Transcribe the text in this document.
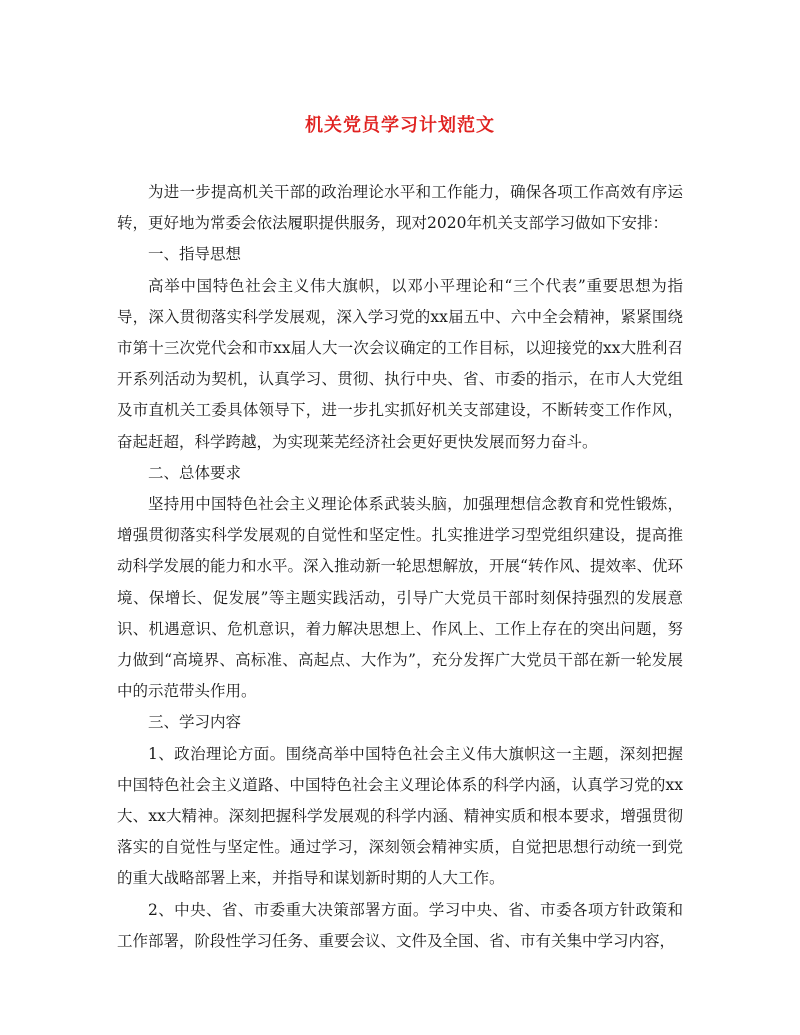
机关党员学习计划范文

为进一步提高机关干部的政治理论水平和工作能力，确保各项工作高效有序运转，更好地为常委会依法履职提供服务，现对2020年机关支部学习做如下安排：

一、指导思想

高举中国特色社会主义伟大旗帜，以邓小平理论和“三个代表”重要思想为指导，深入贯彻落实科学发展观，深入学习党的xx届五中、六中全会精神，紧紧围绕市第十三次党代会和市xx届人大一次会议确定的工作目标，以迎接党的xx大胜利召开系列活动为契机，认真学习、贯彻、执行中央、省、市委的指示，在市人大党组及市直机关工委具体领导下，进一步扎实抓好机关支部建设，不断转变工作作风，奋起赶超，科学跨越，为实现莱芜经济社会更好更快发展而努力奋斗。

二、总体要求

坚持用中国特色社会主义理论体系武装头脑，加强理想信念教育和党性锻炼，增强贯彻落实科学发展观的自觉性和坚定性。扎实推进学习型党组织建设，提高推动科学发展的能力和水平。深入推动新一轮思想解放，开展“转作风、提效率、优环境、保增长、促发展”等主题实践活动，引导广大党员干部时刻保持强烈的发展意识、机遇意识、危机意识，着力解决思想上、作风上、工作上存在的突出问题，努力做到“高境界、高标准、高起点、大作为”，充分发挥广大党员干部在新一轮发展中的示范带头作用。

三、学习内容

1、政治理论方面。围绕高举中国特色社会主义伟大旗帜这一主题，深刻把握中国特色社会主义道路、中国特色社会主义理论体系的科学内涵，认真学习党的xx大、xx大精神。深刻把握科学发展观的科学内涵、精神实质和根本要求，增强贯彻落实的自觉性与坚定性。通过学习，深刻领会精神实质，自觉把思想行动统一到党的重大战略部署上来，并指导和谋划新时期的人大工作。

2、中央、省、市委重大决策部署方面。学习中央、省、市委各项方针政策和工作部署，阶段性学习任务、重要会议、文件及全国、省、市有关集中学习内容，
